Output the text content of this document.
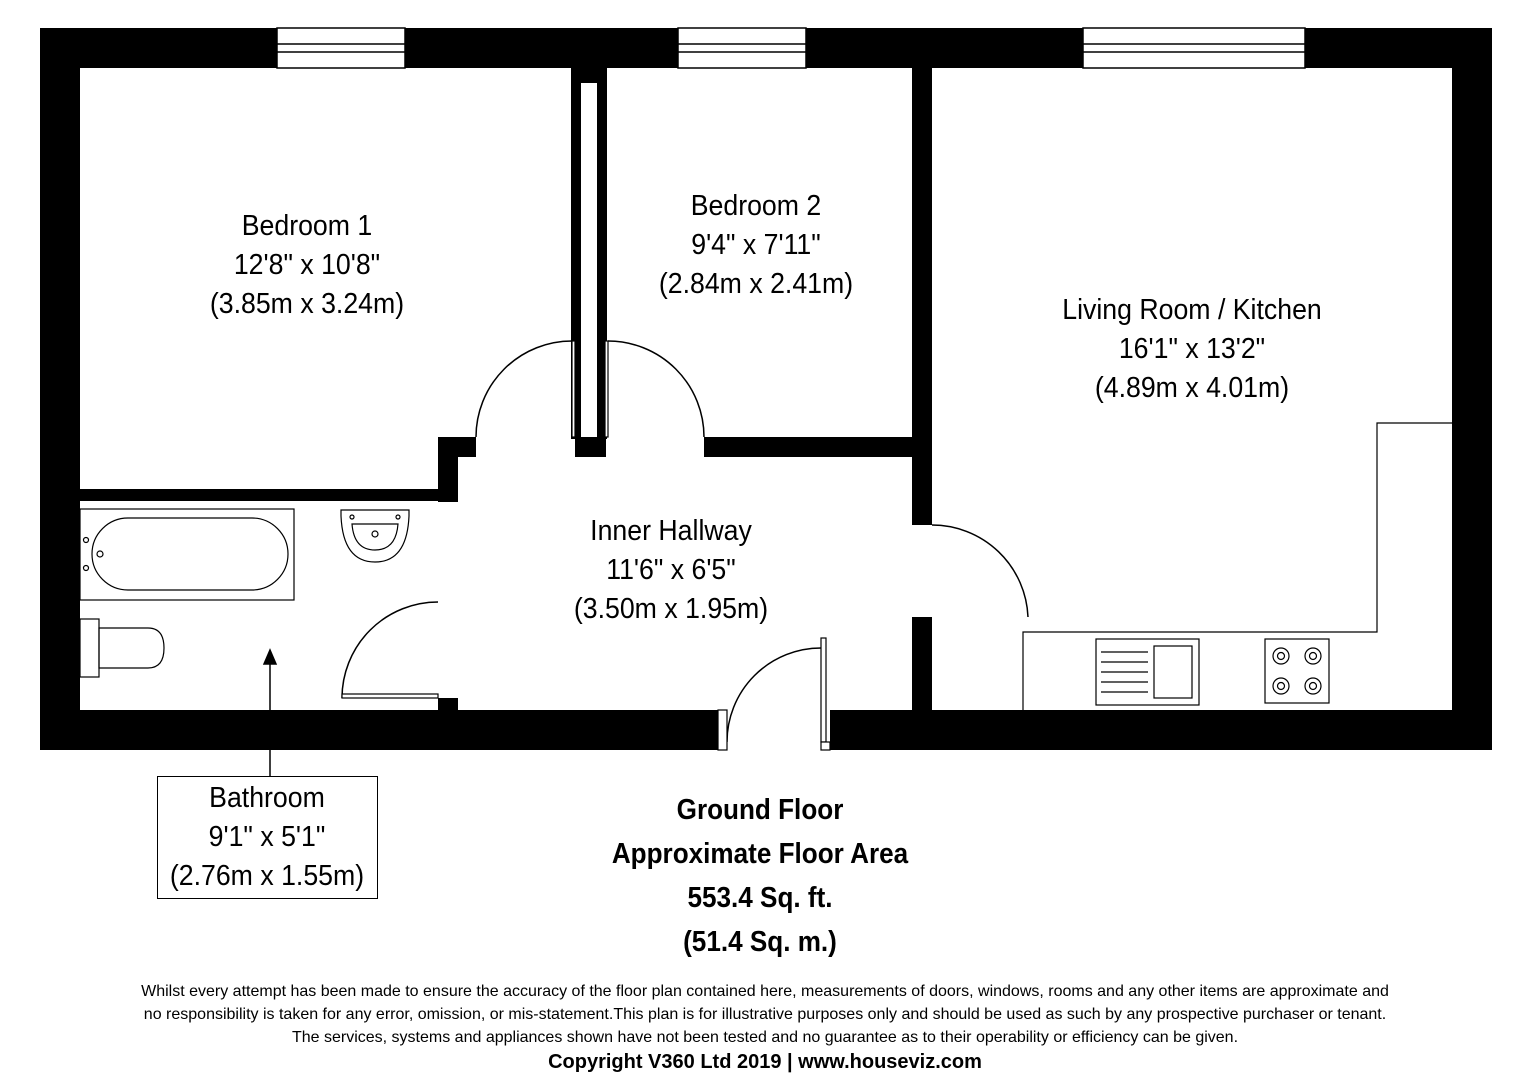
Bedroom 1
12'8" x 10'8"
(3.85m x 3.24m)
Bedroom 2
9'4" x 7'11"
(2.84m x 2.41m)
Living Room / Kitchen
16'1" x 13'2"
(4.89m x 4.01m)
Inner Hallway
11'6" x 6'5"
(3.50m x 1.95m)
Bathroom
9'1" x 5'1"
(2.76m x 1.55m)
Ground Floor
Approximate Floor Area
553.4 Sq. ft.
(51.4 Sq. m.)
Whilst every attempt has been made to ensure the accuracy of the floor plan contained here, measurements of doors, windows, rooms and any other items are approximate and
no responsibility is taken for any error, omission, or mis-statement.This plan is for illustrative purposes only and should be used as such by any prospective purchaser or tenant.
The services, systems and appliances shown have not been tested and no guarantee as to their operability or efficiency can be given.
Copyright V360 Ltd 2019 | www.houseviz.com
